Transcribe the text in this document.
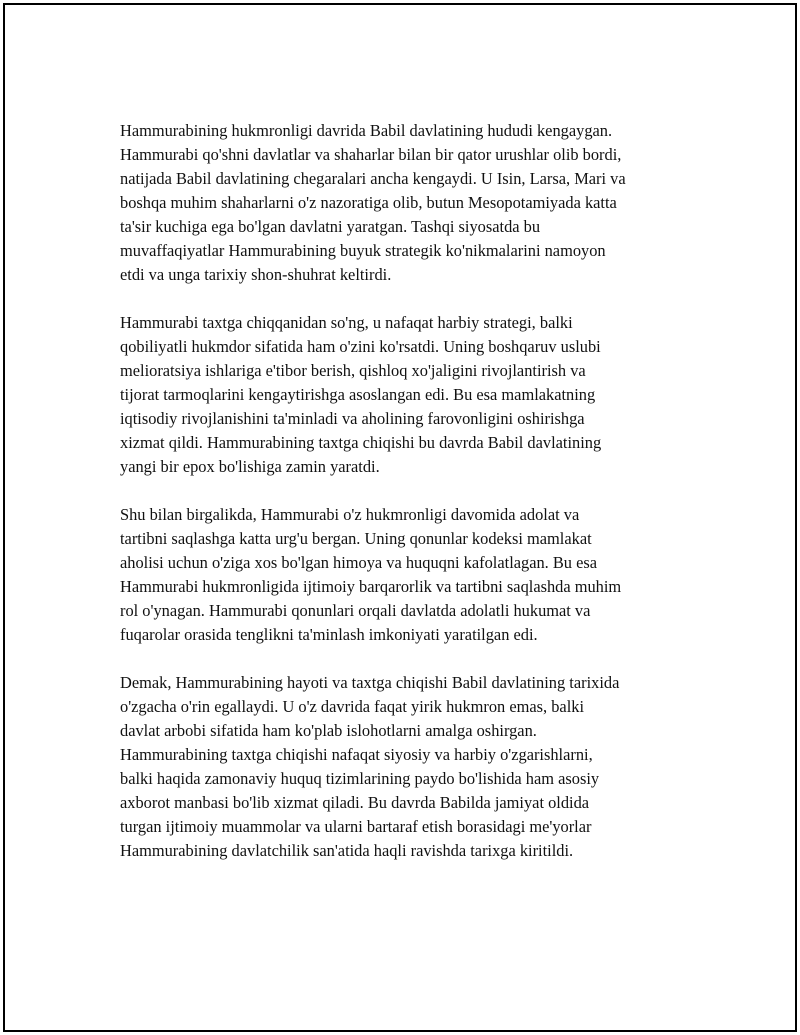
Hammurabining hukmronligi davrida Babil davlatining hududi kengaygan.
Hammurabi qo'shni davlatlar va shaharlar bilan bir qator urushlar olib bordi,
natijada Babil davlatining chegaralari ancha kengaydi. U Isin, Larsa, Mari va
boshqa muhim shaharlarni o'z nazoratiga olib, butun Mesopotamiyada katta
ta'sir kuchiga ega bo'lgan davlatni yaratgan. Tashqi siyosatda bu
muvaffaqiyatlar Hammurabining buyuk strategik ko'nikmalarini namoyon
etdi va unga tarixiy shon-shuhrat keltirdi.

Hammurabi taxtga chiqqanidan so'ng, u nafaqat harbiy strategi, balki
qobiliyatli hukmdor sifatida ham o'zini ko'rsatdi. Uning boshqaruv uslubi
melioratsiya ishlariga e'tibor berish, qishloq xo'jaligini rivojlantirish va
tijorat tarmoqlarini kengaytirishga asoslangan edi. Bu esa mamlakatning
iqtisodiy rivojlanishini ta'minladi va aholining farovonligini oshirishga
xizmat qildi. Hammurabining taxtga chiqishi bu davrda Babil davlatining
yangi bir epox bo'lishiga zamin yaratdi.

Shu bilan birgalikda, Hammurabi o'z hukmronligi davomida adolat va
tartibni saqlashga katta urg'u bergan. Uning qonunlar kodeksi mamlakat
aholisi uchun o'ziga xos bo'lgan himoya va huquqni kafolatlagan. Bu esa
Hammurabi hukmronligida ijtimoiy barqarorlik va tartibni saqlashda muhim
rol o'ynagan. Hammurabi qonunlari orqali davlatda adolatli hukumat va
fuqarolar orasida tenglikni ta'minlash imkoniyati yaratilgan edi.

Demak, Hammurabining hayoti va taxtga chiqishi Babil davlatining tarixida
o'zgacha o'rin egallaydi. U o'z davrida faqat yirik hukmron emas, balki
davlat arbobi sifatida ham ko'plab islohotlarni amalga oshirgan.
Hammurabining taxtga chiqishi nafaqat siyosiy va harbiy o'zgarishlarni,
balki haqida zamonaviy huquq tizimlarining paydo bo'lishida ham asosiy
axborot manbasi bo'lib xizmat qiladi. Bu davrda Babilda jamiyat oldida
turgan ijtimoiy muammolar va ularni bartaraf etish borasidagi me'yorlar
Hammurabining davlatchilik san'atida haqli ravishda tarixga kiritildi.
